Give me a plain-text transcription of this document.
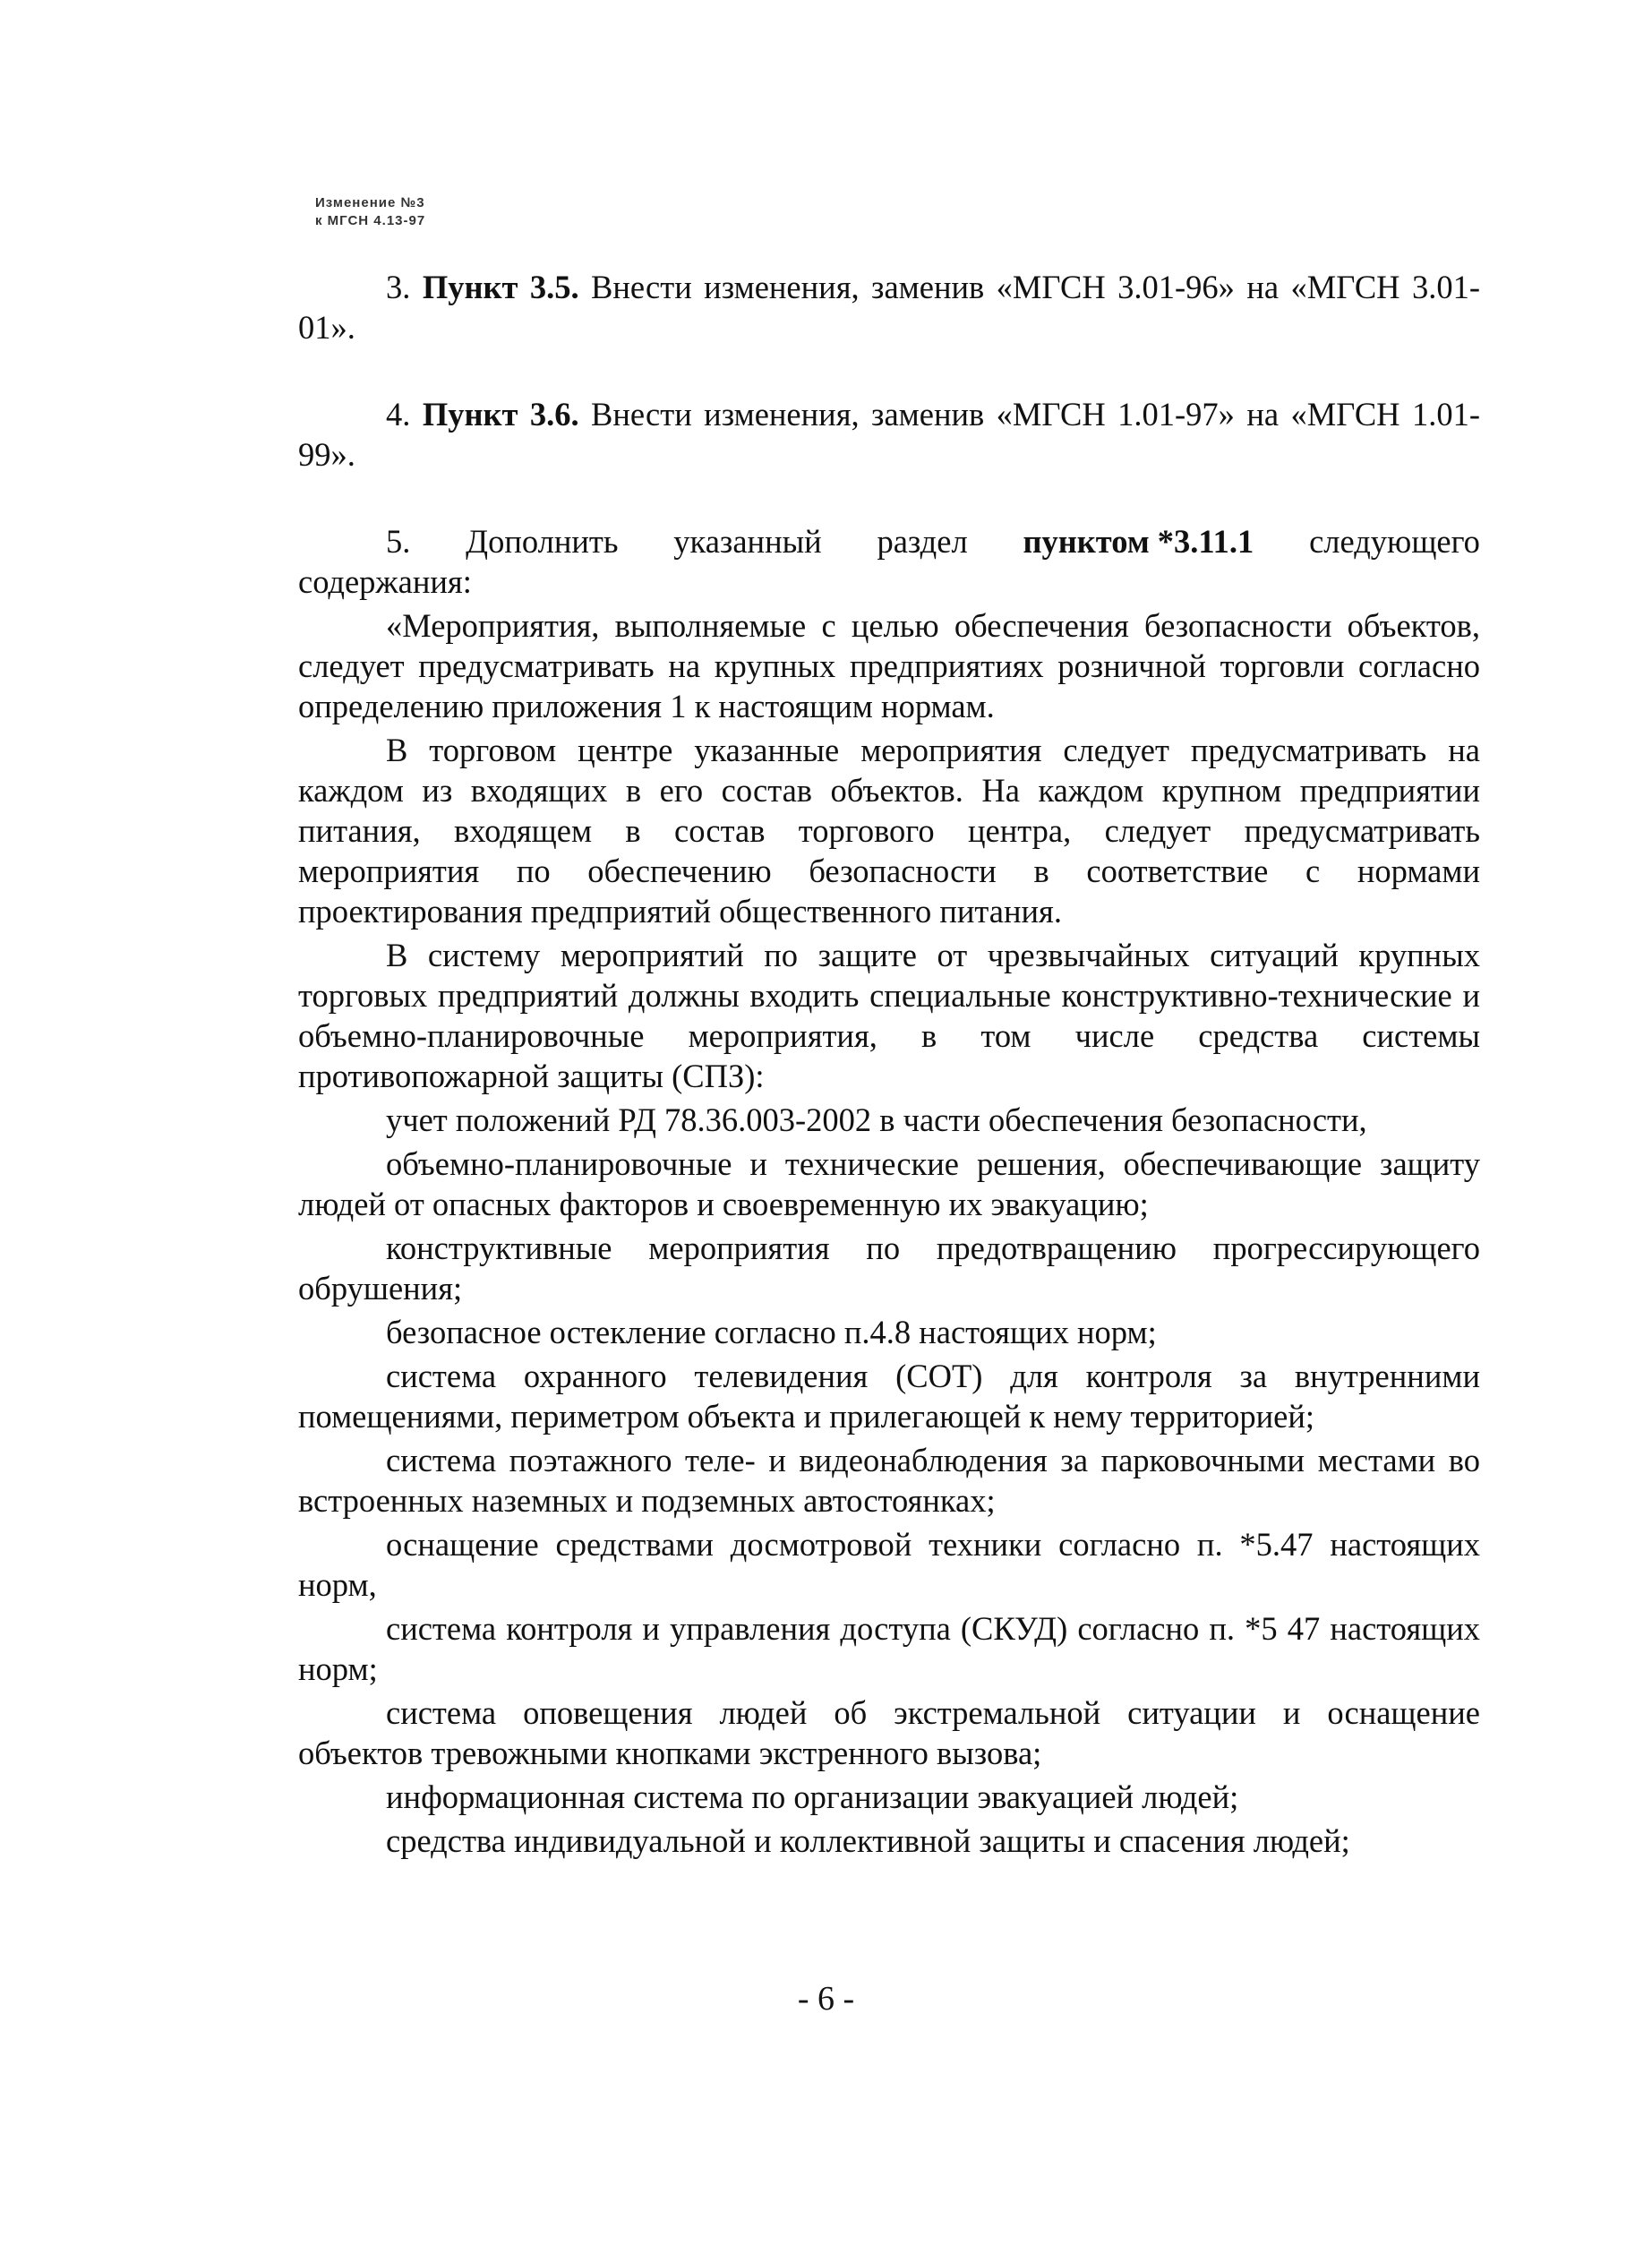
Изменение №3
к МГСН 4.13-97

3. Пункт 3.5. Внести изменения, заменив «МГСН 3.01-96» на «МГСН 3.01-01».

4. Пункт 3.6. Внести изменения, заменив «МГСН 1.01-97» на «МГСН 1.01-99».

5. Дополнить указанный раздел пунктом *3.11.1 следующего
содержания:

«Мероприятия, выполняемые с целью обеспечения безопасности объектов, следует предусматривать на крупных предприятиях розничной торговли согласно определению приложения 1 к настоящим нормам.

В торговом центре указанные мероприятия следует предусматривать на каждом из входящих в его состав объектов. На каждом крупном предприятии питания, входящем в состав торгового центра, следует предусматривать мероприятия по обеспечению безопасности в соответствие с нормами проектирования предприятий общественного питания.

В систему мероприятий по защите от чрезвычайных ситуаций крупных торговых предприятий должны входить специальные конструктивно-технические и объемно-планировочные мероприятия, в том числе средства системы противопожарной защиты (СПЗ):

учет положений РД 78.36.003-2002 в части обеспечения безопасности,

объемно-планировочные и технические решения, обеспечивающие защиту людей от опасных факторов и своевременную их эвакуацию;

конструктивные мероприятия по предотвращению прогрессирующего обрушения;

безопасное остекление согласно п.4.8 настоящих норм;

система охранного телевидения (СОТ) для контроля за внутренними помещениями, периметром объекта и прилегающей к нему территорией;

система поэтажного теле- и видеонаблюдения за парковочными местами во встроенных наземных и подземных автостоянках;

оснащение средствами досмотровой техники согласно п. *5.47 настоящих норм,

система контроля и управления доступа (СКУД) согласно п. *5 47 настоящих норм;

система оповещения людей об экстремальной ситуации и оснащение объектов тревожными кнопками экстренного вызова;

информационная система по организации эвакуацией людей;

средства индивидуальной и коллективной защиты и спасения людей;

- 6 -
